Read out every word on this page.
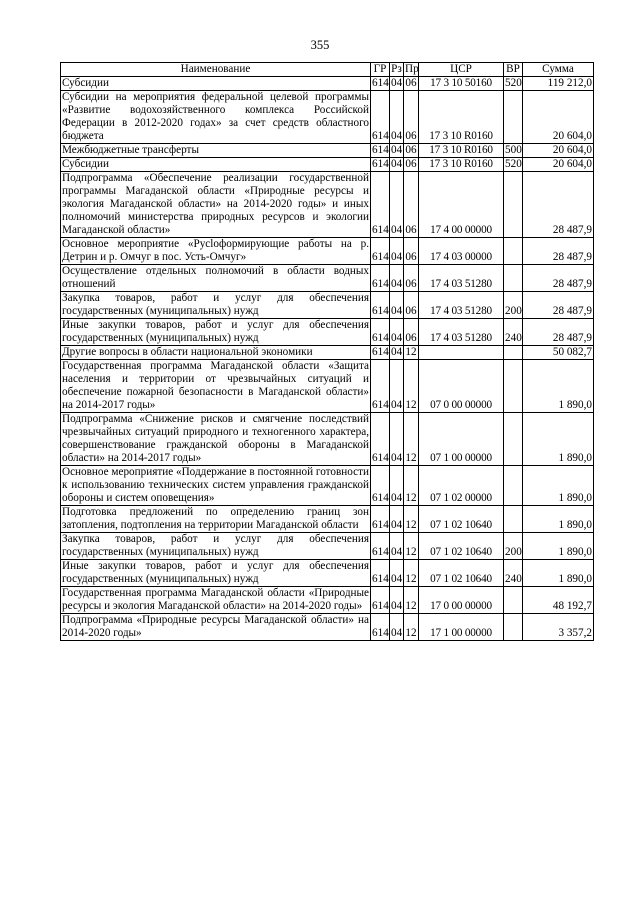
355
Наименование	ГР	Рз	Пр	ЦСР	ВР	Сумма
Субсидии	614	04	06	17 3 10 50160	520	119 212,0
Субсидии на мероприятия федеральной целевой программы «Развитие водохозяйственного комплекса Российской Федерации в 2012-2020 годах» за счет средств областного бюджета	614	04	06	17 3 10 R0160		20 604,0
Межбюджетные трансферты	614	04	06	17 3 10 R0160	500	20 604,0
Субсидии	614	04	06	17 3 10 R0160	520	20 604,0
Подпрограмма «Обеспечение реализации государственной программы Магаданской области «Природные ресурсы и экология Магаданской области» на 2014-2020 годы» и иных полномочий министерства природных ресурсов и экологии Магаданской области»	614	04	06	17 4 00 00000		28 487,9
Основное мероприятие «Русloформирующие работы на р. Детрин и р. Омчуг в пос. Усть-Омчуг»	614	04	06	17 4 03 00000		28 487,9
Осуществление отдельных полномочий в области водных отношений	614	04	06	17 4 03 51280		28 487,9
Закупка товаров, работ и услуг для обеспечения государственных (муниципальных) нужд	614	04	06	17 4 03 51280	200	28 487,9
Иные закупки товаров, работ и услуг для обеспечения государственных (муниципальных) нужд	614	04	06	17 4 03 51280	240	28 487,9
Другие вопросы в области национальной экономики	614	04	12			50 082,7
Государственная программа Магаданской области «Защита населения и территории от чрезвычайных ситуаций и обеспечение пожарной безопасности в Магаданской области» на 2014-2017 годы»	614	04	12	07 0 00 00000		1 890,0
Подпрограмма «Снижение рисков и смягчение последствий чрезвычайных ситуаций природного и техногенного характера, совершенствование гражданской обороны в Магаданской области» на 2014-2017 годы»	614	04	12	07 1 00 00000		1 890,0
Основное мероприятие «Поддержание в постоянной готовности к использованию технических систем управления гражданской обороны и систем оповещения»	614	04	12	07 1 02 00000		1 890,0
Подготовка предложений по определению границ зон затопления, подтопления на территории Магаданской области	614	04	12	07 1 02 10640		1 890,0
Закупка товаров, работ и услуг для обеспечения государственных (муниципальных) нужд	614	04	12	07 1 02 10640	200	1 890,0
Иные закупки товаров, работ и услуг для обеспечения государственных (муниципальных) нужд	614	04	12	07 1 02 10640	240	1 890,0
Государственная программа Магаданской области «Природные ресурсы и экология Магаданской области» на 2014-2020 годы»	614	04	12	17 0 00 00000		48 192,7
Подпрограмма «Природные ресурсы Магаданской области» на 2014-2020 годы»	614	04	12	17 1 00 00000		3 357,2
